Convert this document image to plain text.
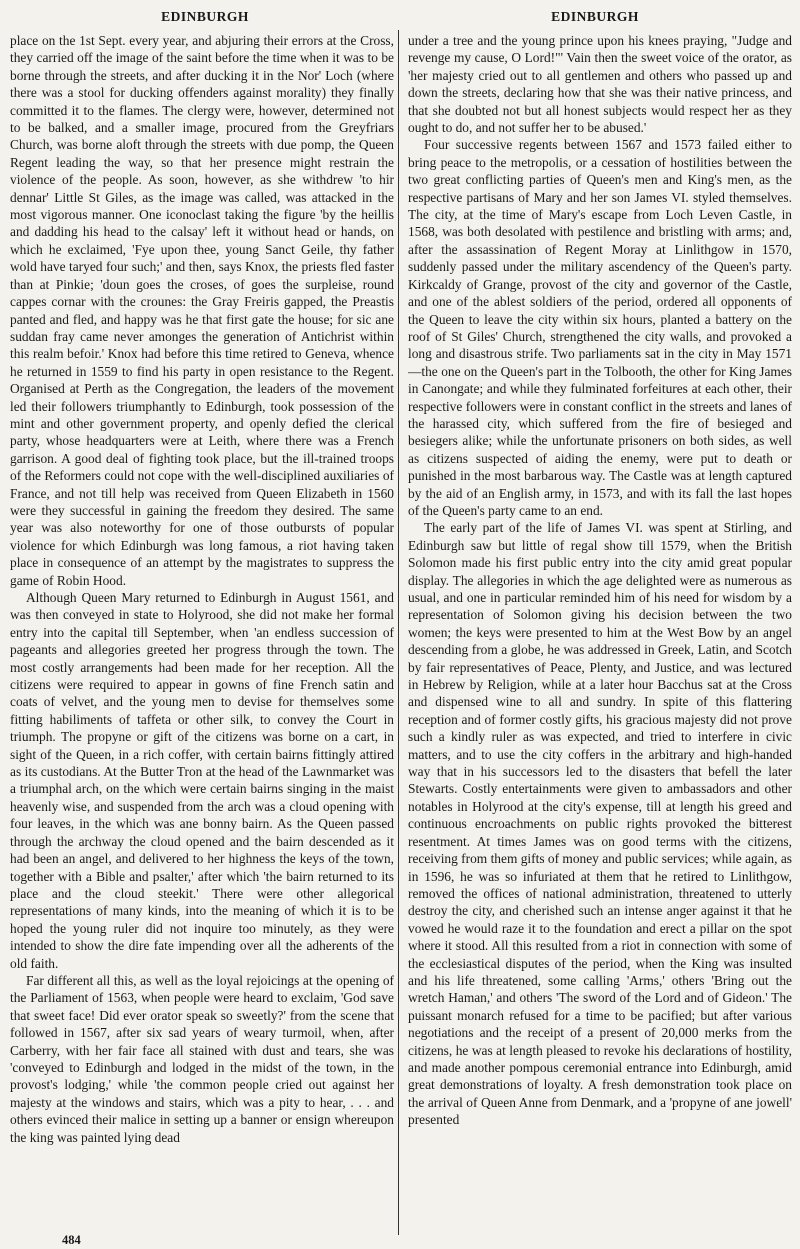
EDINBURGH	EDINBURGH

place on the 1st Sept. every year, and abjuring their errors at the Cross, they carried off the image of the saint before the time when it was to be borne through the streets, and after ducking it in the Nor' Loch (where there was a stool for ducking offenders against morality) they finally committed it to the flames. The clergy were, however, determined not to be balked, and a smaller image, procured from the Greyfriars Church, was borne aloft through the streets with due pomp, the Queen Regent leading the way, so that her presence might restrain the violence of the people. As soon, however, as she withdrew 'to hir dennar' Little St Giles, as the image was called, was attacked in the most vigorous manner. One iconoclast taking the figure 'by the heillis and dadding his head to the calsay' left it without head or hands, on which he exclaimed, 'Fye upon thee, young Sanct Geile, thy father wold have taryed four such;' and then, says Knox, the priests fled faster than at Pinkie; 'doun goes the croses, of goes the surpleise, round cappes cornar with the crounes: the Gray Freiris gapped, the Preastis panted and fled, and happy was he that first gate the house; for sic ane suddan fray came never amonges the generation of Antichrist within this realm befoir.' Knox had before this time retired to Geneva, whence he returned in 1559 to find his party in open resistance to the Regent. Organised at Perth as the Congregation, the leaders of the movement led their followers triumphantly to Edinburgh, took possession of the mint and other government property, and openly defied the clerical party, whose headquarters were at Leith, where there was a French garrison. A good deal of fighting took place, but the ill-trained troops of the Reformers could not cope with the well-disciplined auxiliaries of France, and not till help was received from Queen Elizabeth in 1560 were they successful in gaining the freedom they desired. The same year was also noteworthy for one of those outbursts of popular violence for which Edinburgh was long famous, a riot having taken place in consequence of an attempt by the magistrates to suppress the game of Robin Hood.

Although Queen Mary returned to Edinburgh in August 1561, and was then conveyed in state to Holyrood, she did not make her formal entry into the capital till September, when 'an endless succession of pageants and allegories greeted her progress through the town. The most costly arrangements had been made for her reception. All the citizens were required to appear in gowns of fine French satin and coats of velvet, and the young men to devise for themselves some fitting habiliments of taffeta or other silk, to convey the Court in triumph. The propyne or gift of the citizens was borne on a cart, in sight of the Queen, in a rich coffer, with certain bairns fittingly attired as its custodians. At the Butter Tron at the head of the Lawnmarket was a triumphal arch, on the which were certain bairns singing in the maist heavenly wise, and suspended from the arch was a cloud opening with four leaves, in the which was ane bonny bairn. As the Queen passed through the archway the cloud opened and the bairn descended as it had been an angel, and delivered to her highness the keys of the town, together with a Bible and psalter,' after which 'the bairn returned to its place and the cloud steekit.' There were other allegorical representations of many kinds, into the meaning of which it is to be hoped the young ruler did not inquire too minutely, as they were intended to show the dire fate impending over all the adherents of the old faith.

Far different all this, as well as the loyal rejoicings at the opening of the Parliament of 1563, when people were heard to exclaim, 'God save that sweet face! Did ever orator speak so sweetly?' from the scene that followed in 1567, after six sad years of weary turmoil, when, after Carberry, with her fair face all stained with dust and tears, she was 'conveyed to Edinburgh and lodged in the midst of the town, in the provost's lodging,' while 'the common people cried out against her majesty at the windows and stairs, which was a pity to hear, . . . and others evinced their malice in setting up a banner or ensign whereupon the king was painted lying dead

under a tree and the young prince upon his knees praying, "Judge and revenge my cause, O Lord!"' Vain then the sweet voice of the orator, as 'her majesty cried out to all gentlemen and others who passed up and down the streets, declaring how that she was their native princess, and that she doubted not but all honest subjects would respect her as they ought to do, and not suffer her to be abused.'

Four successive regents between 1567 and 1573 failed either to bring peace to the metropolis, or a cessation of hostilities between the two great conflicting parties of Queen's men and King's men, as the respective partisans of Mary and her son James VI. styled themselves. The city, at the time of Mary's escape from Loch Leven Castle, in 1568, was both desolated with pestilence and bristling with arms; and, after the assassination of Regent Moray at Linlithgow in 1570, suddenly passed under the military ascendency of the Queen's party. Kirkcaldy of Grange, provost of the city and governor of the Castle, and one of the ablest soldiers of the period, ordered all opponents of the Queen to leave the city within six hours, planted a battery on the roof of St Giles' Church, strengthened the city walls, and provoked a long and disastrous strife. Two parliaments sat in the city in May 1571—the one on the Queen's part in the Tolbooth, the other for King James in Canongate; and while they fulminated forfeitures at each other, their respective followers were in constant conflict in the streets and lanes of the harassed city, which suffered from the fire of besieged and besiegers alike; while the unfortunate prisoners on both sides, as well as citizens suspected of aiding the enemy, were put to death or punished in the most barbarous way. The Castle was at length captured by the aid of an English army, in 1573, and with its fall the last hopes of the Queen's party came to an end.

The early part of the life of James VI. was spent at Stirling, and Edinburgh saw but little of regal show till 1579, when the British Solomon made his first public entry into the city amid great popular display. The allegories in which the age delighted were as numerous as usual, and one in particular reminded him of his need for wisdom by a representation of Solomon giving his decision between the two women; the keys were presented to him at the West Bow by an angel descending from a globe, he was addressed in Greek, Latin, and Scotch by fair representatives of Peace, Plenty, and Justice, and was lectured in Hebrew by Religion, while at a later hour Bacchus sat at the Cross and dispensed wine to all and sundry. In spite of this flattering reception and of former costly gifts, his gracious majesty did not prove such a kindly ruler as was expected, and tried to interfere in civic matters, and to use the city coffers in the arbitrary and high-handed way that in his successors led to the disasters that befell the later Stewarts. Costly entertainments were given to ambassadors and other notables in Holyrood at the city's expense, till at length his greed and continuous encroachments on public rights provoked the bitterest resentment. At times James was on good terms with the citizens, receiving from them gifts of money and public services; while again, as in 1596, he was so infuriated at them that he retired to Linlithgow, removed the offices of national administration, threatened to utterly destroy the city, and cherished such an intense anger against it that he vowed he would raze it to the foundation and erect a pillar on the spot where it stood. All this resulted from a riot in connection with some of the ecclesiastical disputes of the period, when the King was insulted and his life threatened, some calling 'Arms,' others 'Bring out the wretch Haman,' and others 'The sword of the Lord and of Gideon.' The puissant monarch refused for a time to be pacified; but after various negotiations and the receipt of a present of 20,000 merks from the citizens, he was at length pleased to revoke his declarations of hostility, and made another pompous ceremonial entrance into Edinburgh, amid great demonstrations of loyalty. A fresh demonstration took place on the arrival of Queen Anne from Denmark, and a 'propyne of ane jowell' presented

484
